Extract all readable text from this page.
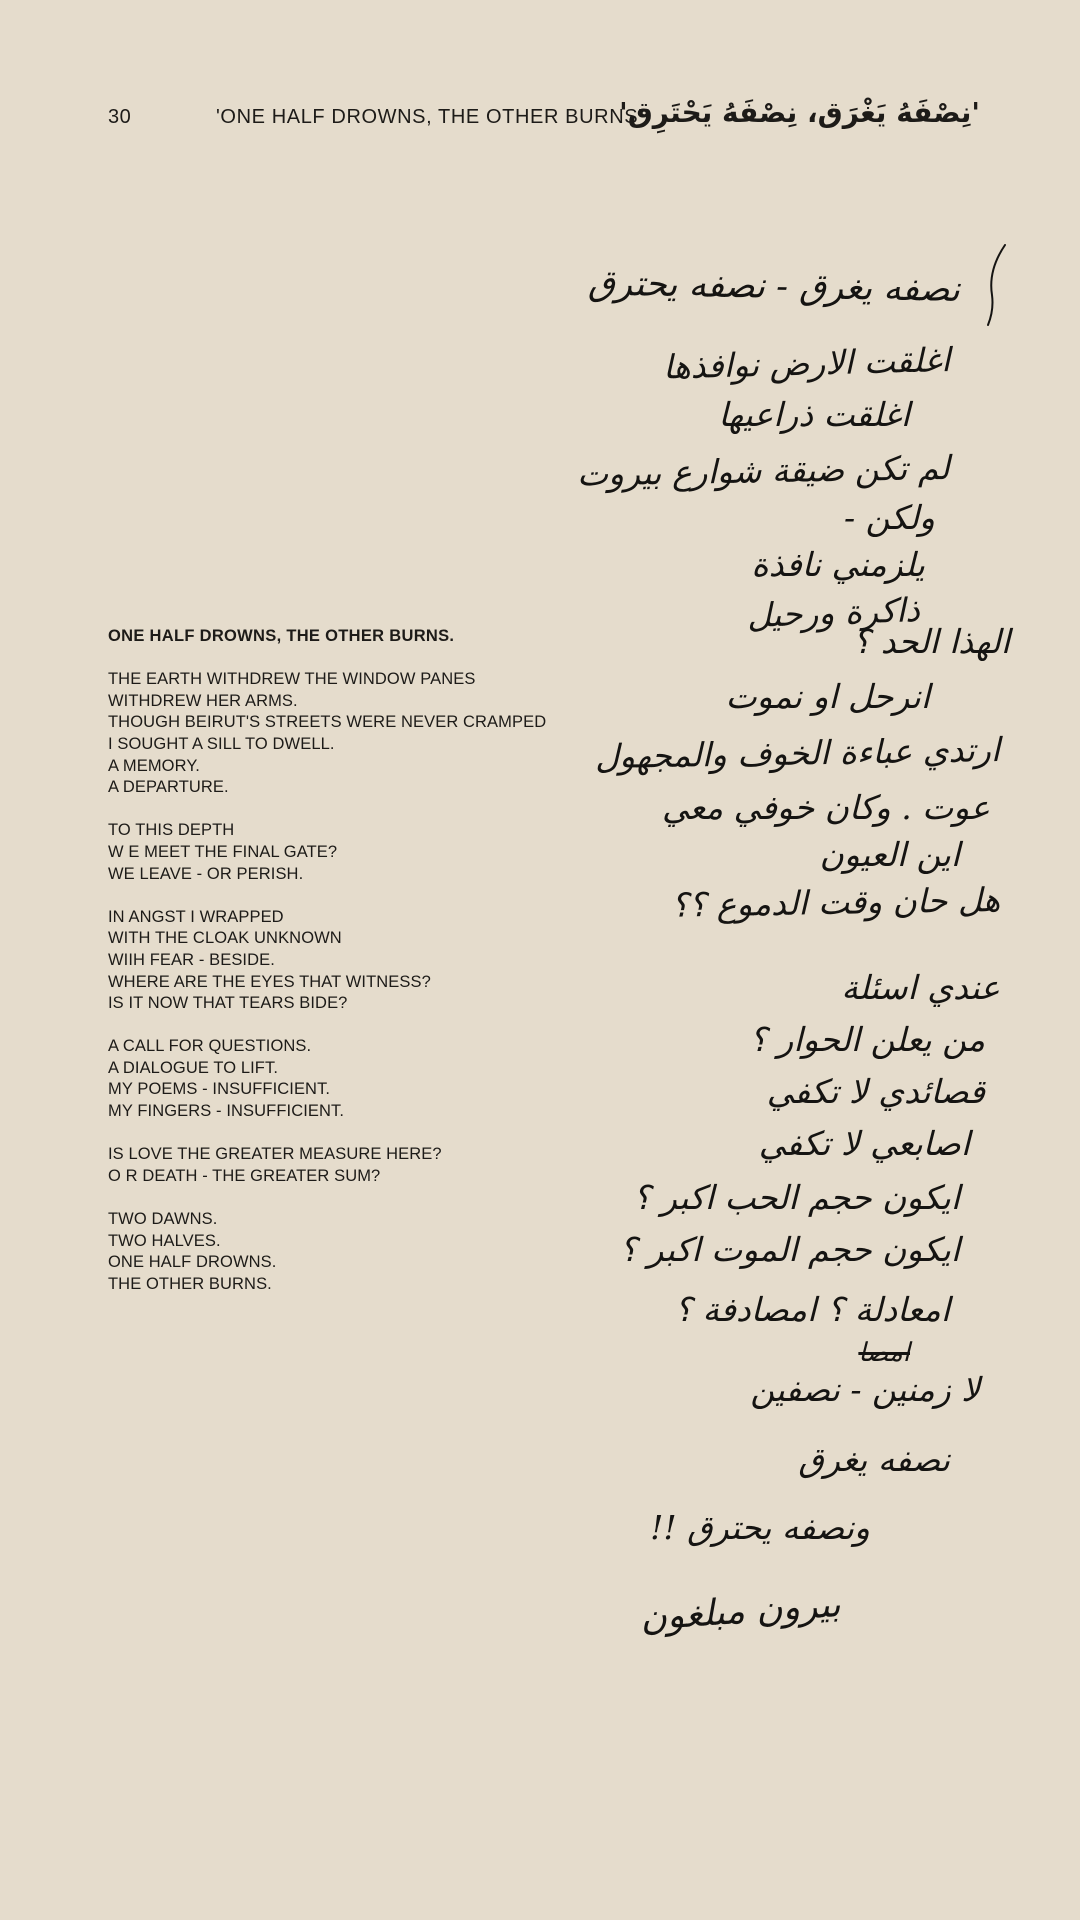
30	'ONE HALF DROWNS, THE OTHER BURNS'
'نِصْفَهُ يَغْرَق، نِصْفَهُ يَحْتَرِق'
ONE HALF DROWNS, THE OTHER BURNS.
THE EARTH WITHDREW THE WINDOW PANES
WITHDREW HER ARMS.
THOUGH BEIRUT'S STREETS WERE NEVER CRAMPED
I SOUGHT A SILL TO DWELL.
A MEMORY.
A DEPARTURE.
TO THIS DEPTH
W E MEET THE FINAL GATE?
WE LEAVE - OR PERISH.
IN ANGST I WRAPPED
WITH THE CLOAK UNKNOWN
WIIH FEAR - BESIDE.
WHERE ARE THE EYES THAT WITNESS?
IS IT NOW THAT TEARS BIDE?
A CALL FOR QUESTIONS.
A DIALOGUE TO LIFT.
MY POEMS - INSUFFICIENT.
MY FINGERS - INSUFFICIENT.
IS LOVE THE GREATER MEASURE HERE?
O R DEATH - THE GREATER SUM?
TWO DAWNS.
TWO HALVES.
ONE HALF DROWNS.
THE OTHER BURNS.
نصفه يغرق - نصفه يحترق
اغلقت الارض نوافذها
اغلقت ذراعيها
لم تكن ضيقة شوارع بيروت
ولكن -
يلزمني نافذة
ذاكرة ورحيل
الهذا الحد ؟
انرحل او نموت
ارتدي عباءة الخوف والمجهول
عوت . وكان خوفي معي
اين العيون
هل حان وقت الدموع ؟؟
عندي اسئلة
من يعلن الحوار ؟
قصائدي لا تكفي
اصابعي لا تكفي
ايكون حجم الحب اكبر ؟
ايكون حجم الموت اكبر ؟
امعادلة ؟ امصادفة ؟
امصا
لا زمنين - نصفين
نصفه يغرق
ونصفه يحترق !!
بيرون مبلغون
